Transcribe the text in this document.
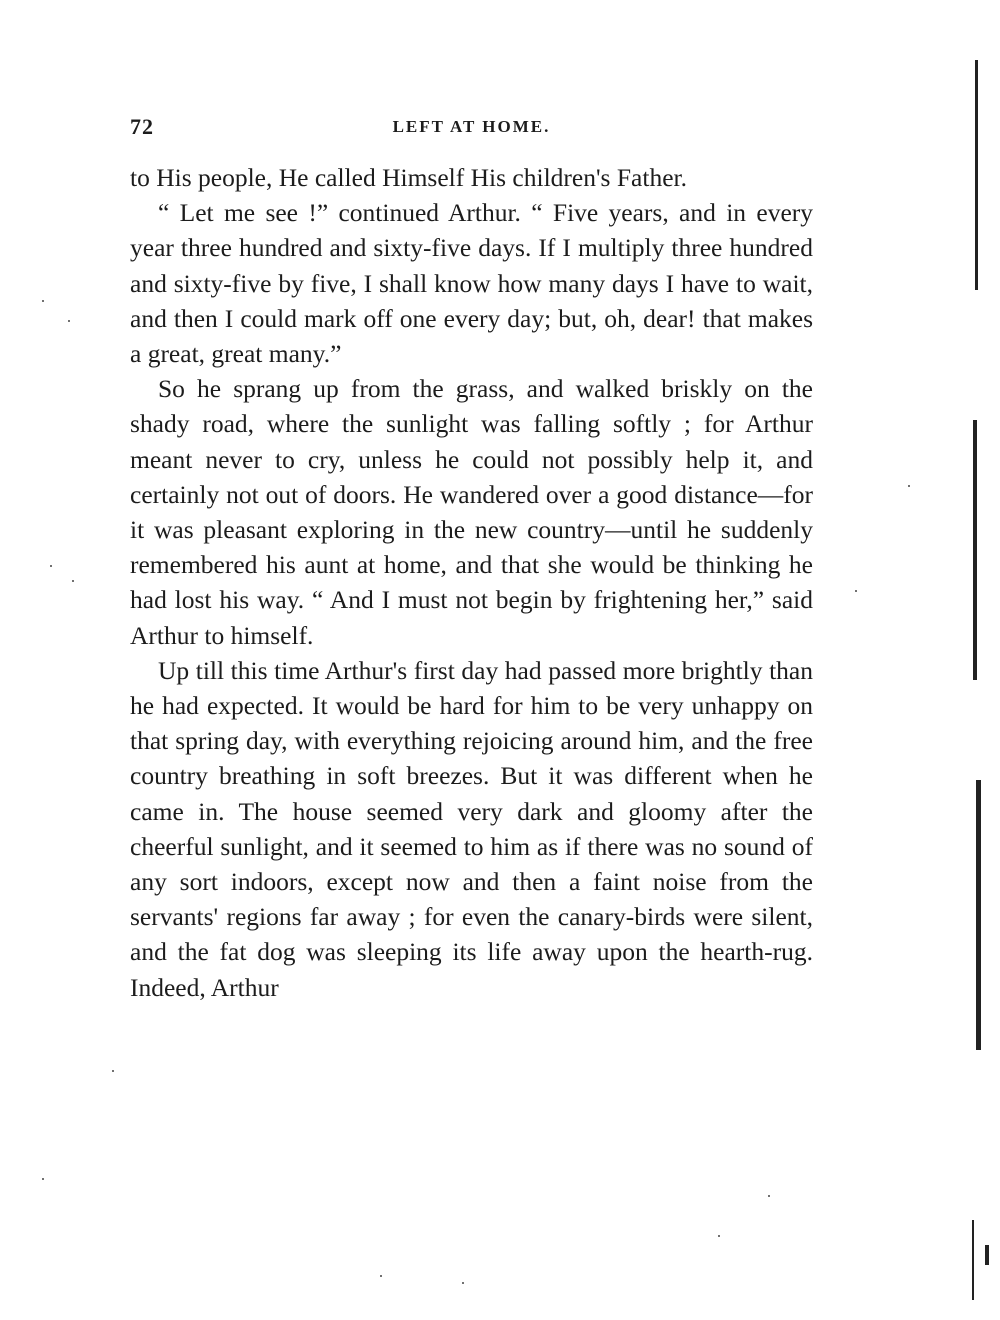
72	LEFT AT HOME.

to His people, He called Himself His children's Father.

“ Let me see !” continued Arthur. “ Five years, and in every year three hundred and sixty-five days. If I multiply three hundred and sixty-five by five, I shall know how many days I have to wait, and then I could mark off one every day; but, oh, dear! that makes a great, great many.”

So he sprang up from the grass, and walked briskly on the shady road, where the sunlight was falling softly ; for Arthur meant never to cry, unless he could not possibly help it, and certainly not out of doors. He wandered over a good distance—for it was pleasant exploring in the new country—until he suddenly remembered his aunt at home, and that she would be thinking he had lost his way. “ And I must not begin by frightening her,” said Arthur to himself.

Up till this time Arthur's first day had passed more brightly than he had expected. It would be hard for him to be very unhappy on that spring day, with everything rejoicing around him, and the free country breathing in soft breezes. But it was different when he came in. The house seemed very dark and gloomy after the cheerful sunlight, and it seemed to him as if there was no sound of any sort indoors, except now and then a faint noise from the servants' regions far away ; for even the canary-birds were silent, and the fat dog was sleeping its life away upon the hearth-rug. Indeed, Arthur
